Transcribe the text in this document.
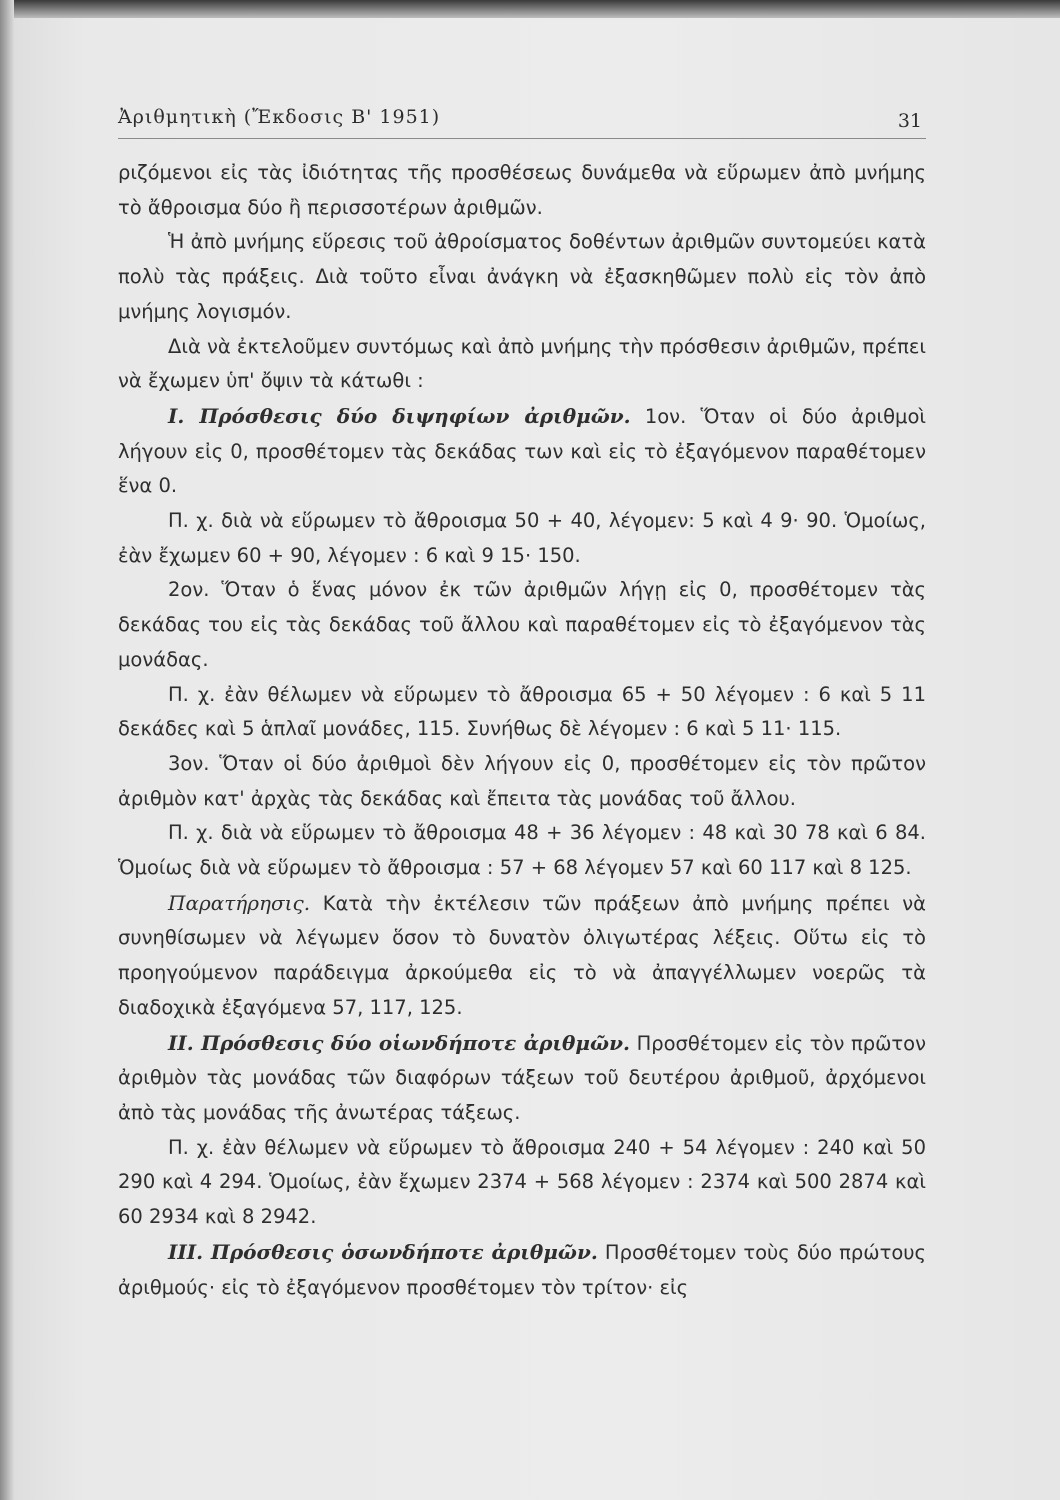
Ἀριθμητικὴ (Ἔκδοσις Β' 1951)	31

ριζόμενοι εἰς τὰς ἰδιότητας τῆς προσθέσεως δυνάμεθα νὰ εὕρωμεν ἀπὸ μνήμης τὸ ἄθροισμα δύο ἢ περισσοτέρων ἀριθμῶν.

Ἡ ἀπὸ μνήμης εὕρεσις τοῦ ἀθροίσματος δοθέντων ἀριθμῶν συντομεύει κατὰ πολὺ τὰς πράξεις. Διὰ τοῦτο εἶναι ἀνάγκη νὰ ἐξασκηθῶμεν πολὺ εἰς τὸν ἀπὸ μνήμης λογισμόν.

Διὰ νὰ ἐκτελοῦμεν συντόμως καὶ ἀπὸ μνήμης τὴν πρόσθεσιν ἀριθμῶν, πρέπει νὰ ἔχωμεν ὑπ' ὄψιν τὰ κάτωθι :

I. Πρόσθεσις δύο διψηφίων ἀριθμῶν. 1ον. Ὅταν οἱ δύο ἀριθμοὶ λήγουν εἰς 0, προσθέτομεν τὰς δεκάδας των καὶ εἰς τὸ ἐξαγόμενον παραθέτομεν ἕνα 0.

Π. χ. διὰ νὰ εὕρωμεν τὸ ἄθροισμα 50 + 40, λέγομεν: 5 καὶ 4 9· 90. Ὁμοίως, ἐὰν ἔχωμεν 60 + 90, λέγομεν : 6 καὶ 9 15· 150.

2ον. Ὅταν ὁ ἕνας μόνον ἐκ τῶν ἀριθμῶν λήγῃ εἰς 0, προσθέτομεν τὰς δεκάδας του εἰς τὰς δεκάδας τοῦ ἄλλου καὶ παραθέτομεν εἰς τὸ ἐξαγόμενον τὰς μονάδας.

Π. χ. ἐὰν θέλωμεν νὰ εὕρωμεν τὸ ἄθροισμα 65 + 50 λέγομεν : 6 καὶ 5 11 δεκάδες καὶ 5 ἁπλαῖ μονάδες, 115. Συνήθως δὲ λέγομεν : 6 καὶ 5 11· 115.

3ον. Ὅταν οἱ δύο ἀριθμοὶ δὲν λήγουν εἰς 0, προσθέτομεν εἰς τὸν πρῶτον ἀριθμὸν κατ' ἀρχὰς τὰς δεκάδας καὶ ἔπειτα τὰς μονάδας τοῦ ἄλλου.

Π. χ. διὰ νὰ εὕρωμεν τὸ ἄθροισμα 48 + 36 λέγομεν : 48 καὶ 30 78 καὶ 6 84. Ὁμοίως διὰ νὰ εὕρωμεν τὸ ἄθροισμα : 57 + 68 λέγομεν 57 καὶ 60 117 καὶ 8 125.

Παρατήρησις. Κατὰ τὴν ἐκτέλεσιν τῶν πράξεων ἀπὸ μνήμης πρέπει νὰ συνηθίσωμεν νὰ λέγωμεν ὅσον τὸ δυνατὸν ὀλιγωτέρας λέξεις. Οὕτω εἰς τὸ προηγούμενον παράδειγμα ἀρκούμεθα εἰς τὸ νὰ ἀπαγγέλλωμεν νοερῶς τὰ διαδοχικὰ ἐξαγόμενα 57, 117, 125.

II. Πρόσθεσις δύο οἱωνδήποτε ἀριθμῶν. Προσθέτομεν εἰς τὸν πρῶτον ἀριθμὸν τὰς μονάδας τῶν διαφόρων τάξεων τοῦ δευτέρου ἀριθμοῦ, ἀρχόμενοι ἀπὸ τὰς μονάδας τῆς ἀνωτέρας τάξεως.

Π. χ. ἐὰν θέλωμεν νὰ εὕρωμεν τὸ ἄθροισμα 240 + 54 λέγομεν : 240 καὶ 50 290 καὶ 4 294. Ὁμοίως, ἐὰν ἔχωμεν 2374 + 568 λέγομεν : 2374 καὶ 500 2874 καὶ 60 2934 καὶ 8 2942.

III. Πρόσθεσις ὁσωνδήποτε ἀριθμῶν. Προσθέτομεν τοὺς δύο πρώτους ἀριθμούς· εἰς τὸ ἐξαγόμενον προσθέτομεν τὸν τρίτον· εἰς
